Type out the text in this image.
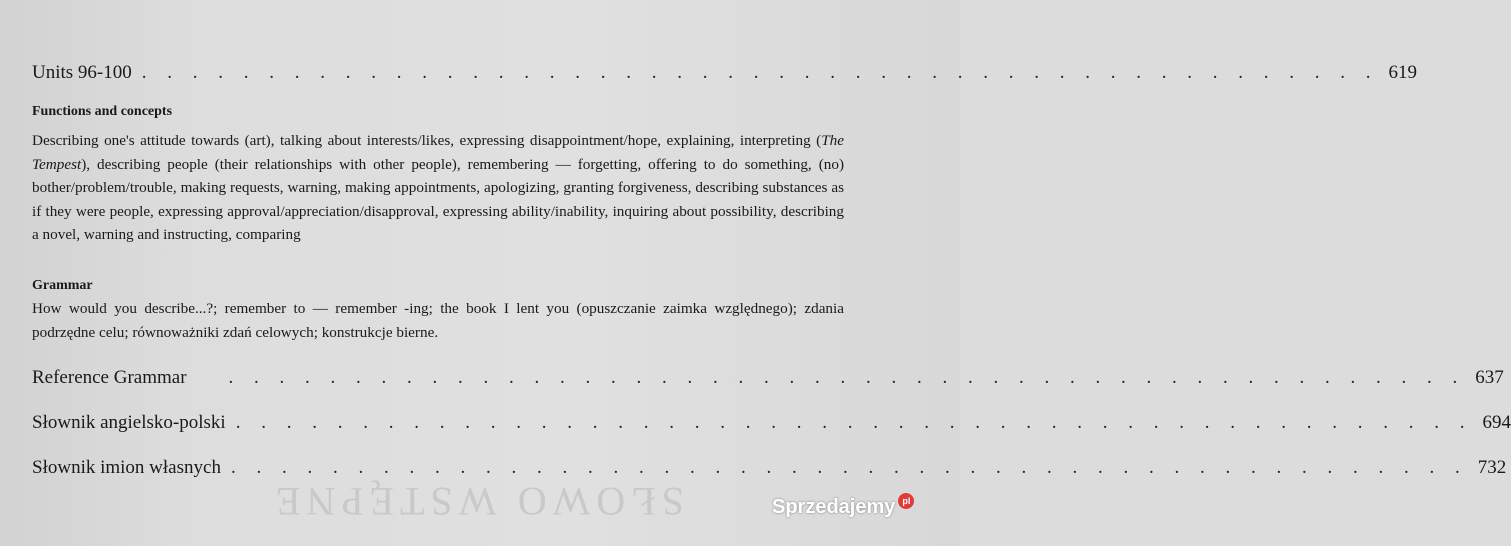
SŁOWO WSTĘPNE
Units 96-100 . . . . . . . . . . . . . . . . . . . . . . . . . . . . . . . . . . . . . . . . . . . . . . . . . 619
Functions and concepts
Describing one's attitude towards (art), talking about interests/likes, expressing disappointment/hope, explaining, interpreting (The Tempest), describing people (their relationships with other people), remembering — forgetting, offering to do something, (no) bother/problem/trouble, making requests, warning, making appointments, apologizing, granting forgiveness, describing substances as if they were people, expressing approval/appreciation/disapproval, expressing ability/inability, inquiring about possibility, describing a novel, warning and instructing, comparing
Grammar
How would you describe...?; remember to — remember -ing; the book I lent you (opuszczanie zaimka względnego); zdania podrzędne celu; równoważniki zdań celowych; konstrukcje bierne.
Reference Grammar . . . . . . . . . . . . . . . . . . . . . . . . . . . . . . . . . . . . . . . . . . . . . . . . . 637
Słownik angielsko-polski . . . . . . . . . . . . . . . . . . . . . . . . . . . . . . . . . . . . . . . . . . . . . . . . . 694
Słownik imion własnych . . . . . . . . . . . . . . . . . . . . . . . . . . . . . . . . . . . . . . . . . . . . . . . . . 732
Sprzedajemy pl
